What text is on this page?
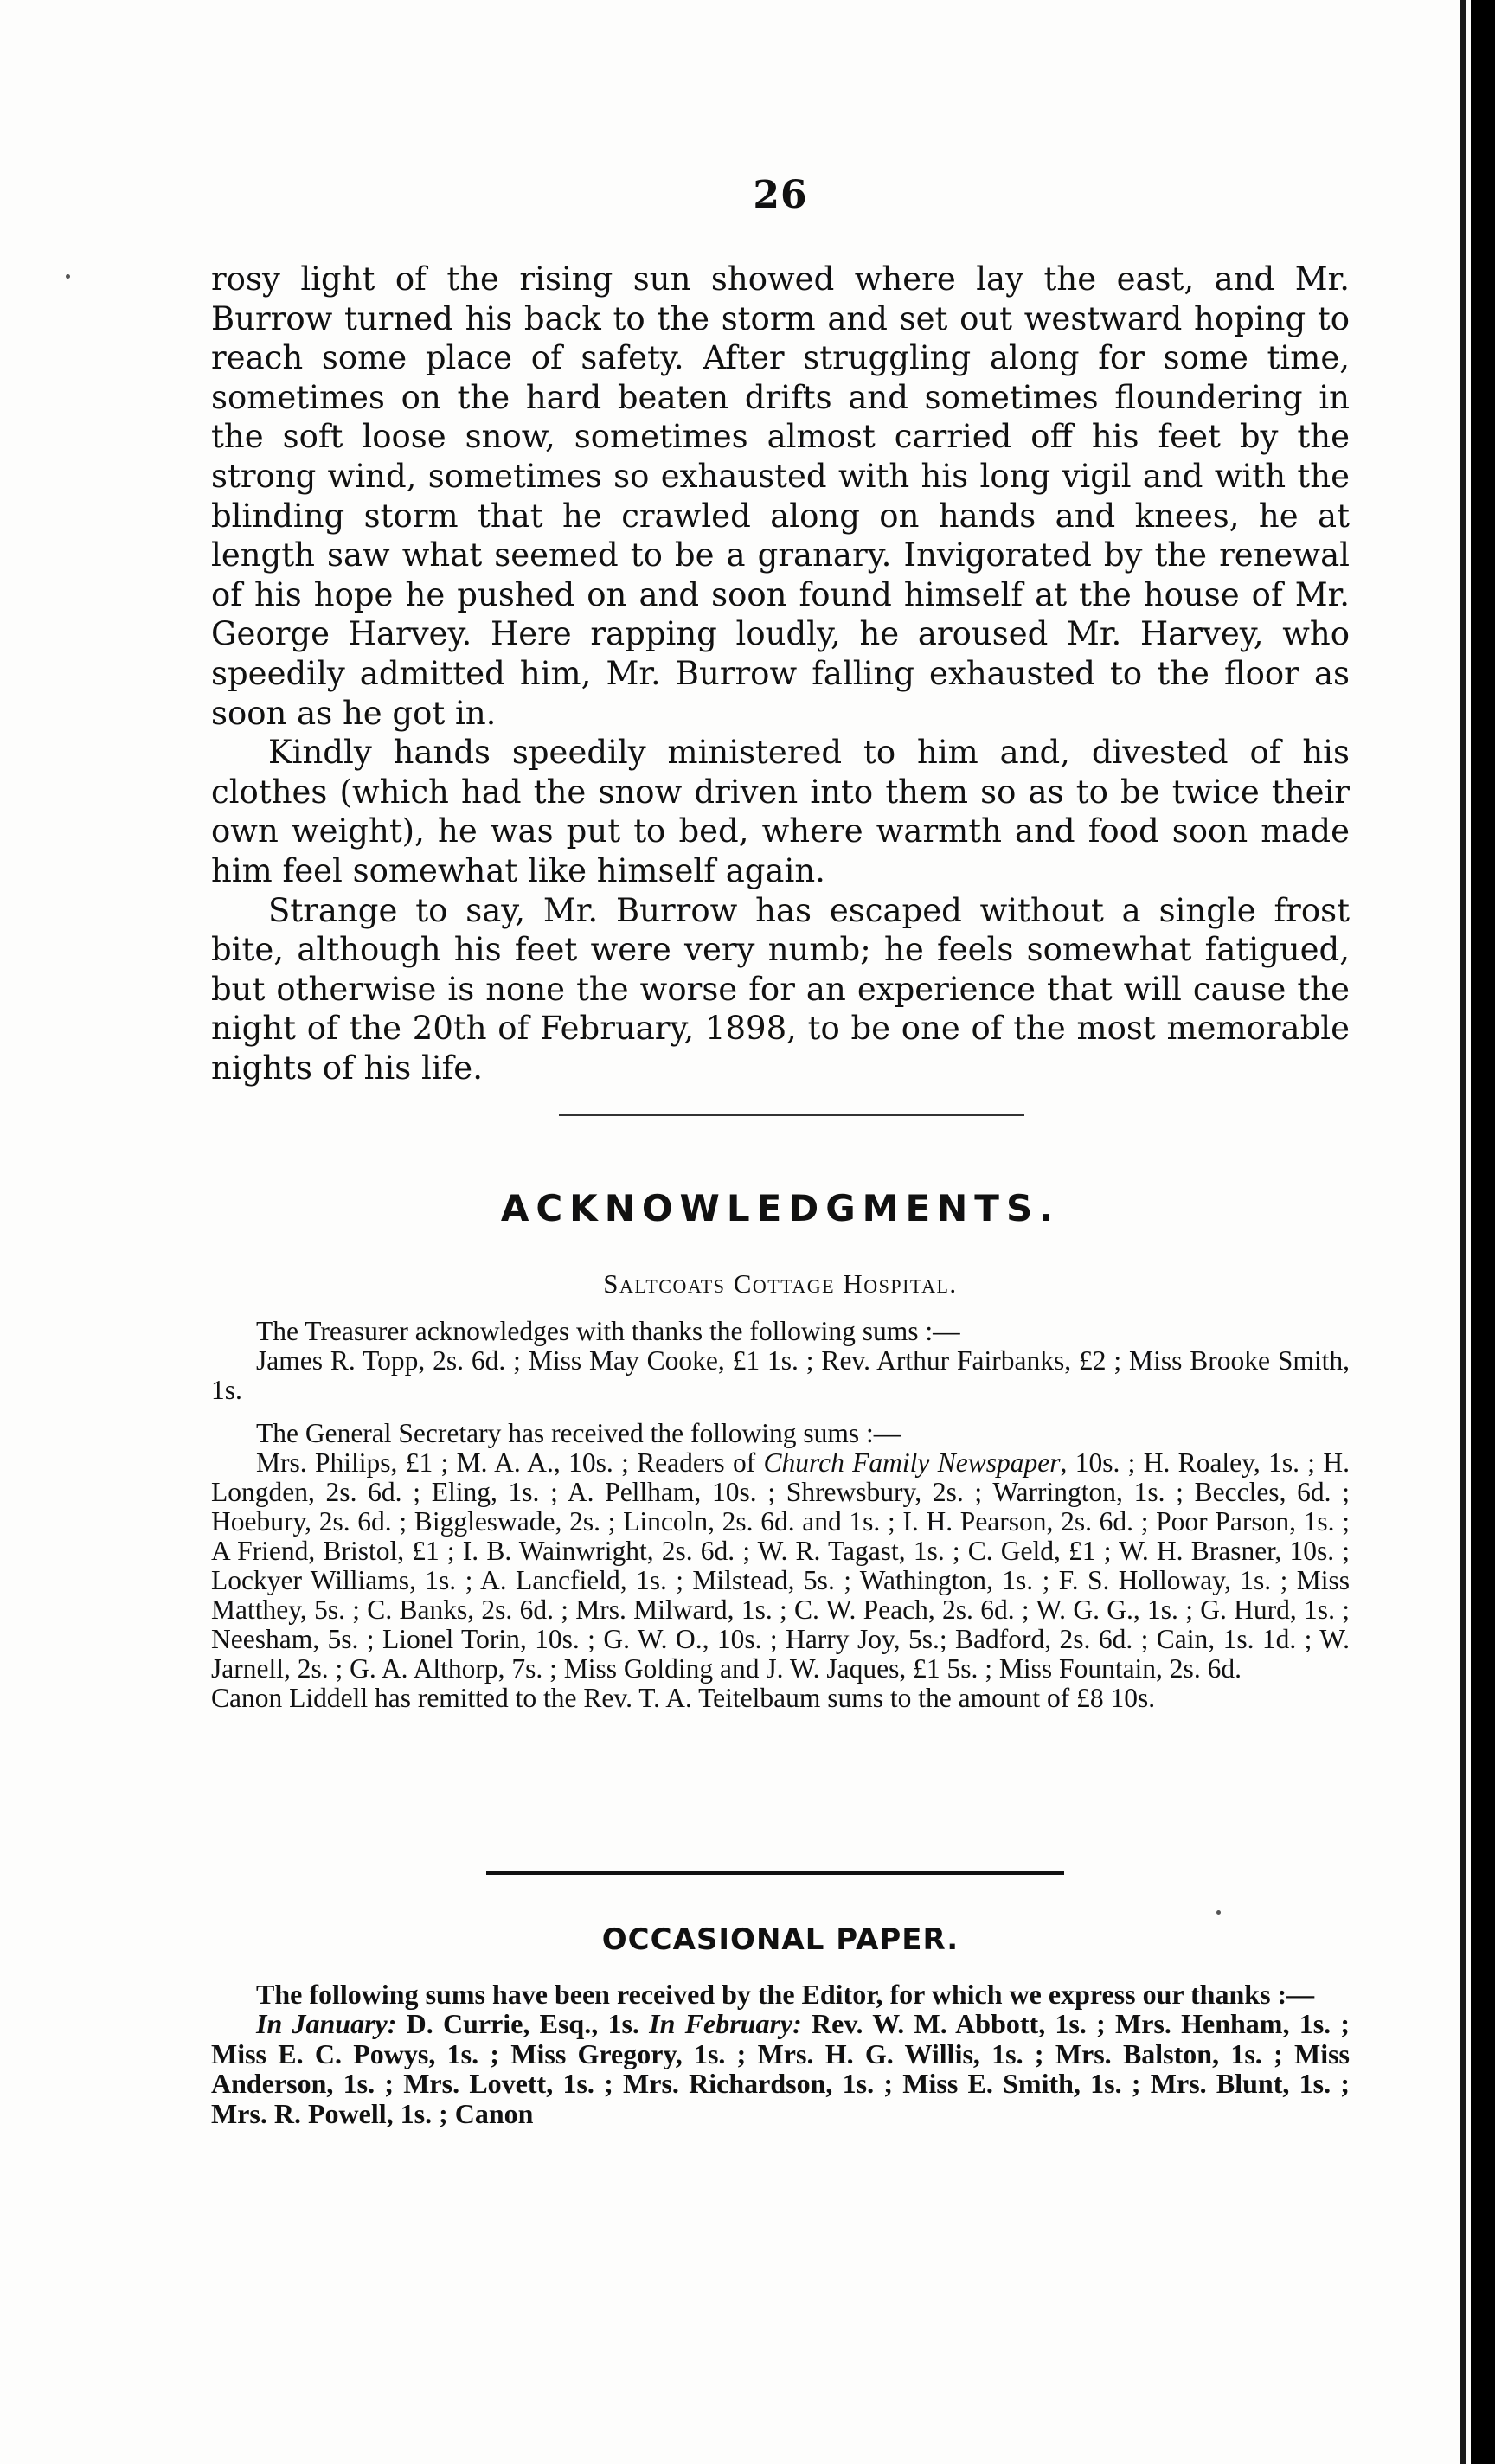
26

rosy light of the rising sun showed where lay the east, and Mr. Burrow turned his back to the storm and set out westward hoping to reach some place of safety. After struggling along for some time, sometimes on the hard beaten drifts and sometimes floundering in the soft loose snow, sometimes almost carried off his feet by the strong wind, sometimes so exhausted with his long vigil and with the blinding storm that he crawled along on hands and knees, he at length saw what seemed to be a granary. Invigorated by the renewal of his hope he pushed on and soon found himself at the house of Mr. George Harvey. Here rapping loudly, he aroused Mr. Harvey, who speedily admitted him, Mr. Burrow falling exhausted to the floor as soon as he got in.

Kindly hands speedily ministered to him and, divested of his clothes (which had the snow driven into them so as to be twice their own weight), he was put to bed, where warmth and food soon made him feel somewhat like himself again.

Strange to say, Mr. Burrow has escaped without a single frost bite, although his feet were very numb; he feels somewhat fatigued, but otherwise is none the worse for an experience that will cause the night of the 20th of February, 1898, to be one of the most memorable nights of his life.

ACKNOWLEDGMENTS.
Saltcoats Cottage Hospital.

The Treasurer acknowledges with thanks the following sums :—

James R. Topp, 2s. 6d. ; Miss May Cooke, £1 1s. ; Rev. Arthur Fairbanks, £2 ; Miss Brooke Smith, 1s.

The General Secretary has received the following sums :—

Mrs. Philips, £1 ; M. A. A., 10s. ; Readers of Church Family Newspaper, 10s. ; H. Roaley, 1s. ; H. Longden, 2s. 6d. ; Eling, 1s. ; A. Pellham, 10s. ; Shrewsbury, 2s. ; Warrington, 1s. ; Beccles, 6d. ; Hoebury, 2s. 6d. ; Biggleswade, 2s. ; Lincoln, 2s. 6d. and 1s. ; I. H. Pearson, 2s. 6d. ; Poor Parson, 1s. ; A Friend, Bristol, £1 ; I. B. Wainwright, 2s. 6d. ; W. R. Tagast, 1s. ; C. Geld, £1 ; W. H. Brasner, 10s. ; Lockyer Williams, 1s. ; A. Lancfield, 1s. ; Milstead, 5s. ; Wathington, 1s. ; F. S. Holloway, 1s. ; Miss Matthey, 5s. ; C. Banks, 2s. 6d. ; Mrs. Milward, 1s. ; C. W. Peach, 2s. 6d. ; W. G. G., 1s. ; G. Hurd, 1s. ; Neesham, 5s. ; Lionel Torin, 10s. ; G. W. O., 10s. ; Harry Joy, 5s.; Badford, 2s. 6d. ; Cain, 1s. 1d. ; W. Jarnell, 2s. ; G. A. Althorp, 7s. ; Miss Golding and J. W. Jaques, £1 5s. ; Miss Fountain, 2s. 6d.

Canon Liddell has remitted to the Rev. T. A. Teitelbaum sums to the amount of £8 10s.

OCCASIONAL PAPER.

The following sums have been received by the Editor, for which we express our thanks :—

In January: D. Currie, Esq., 1s. In February: Rev. W. M. Abbott, 1s. ; Mrs. Henham, 1s. ; Miss E. C. Powys, 1s. ; Miss Gregory, 1s. ; Mrs. H. G. Willis, 1s. ; Mrs. Balston, 1s. ; Miss Anderson, 1s. ; Mrs. Lovett, 1s. ; Mrs. Richardson, 1s. ; Miss E. Smith, 1s. ; Mrs. Blunt, 1s. ; Mrs. R. Powell, 1s. ; Canon
